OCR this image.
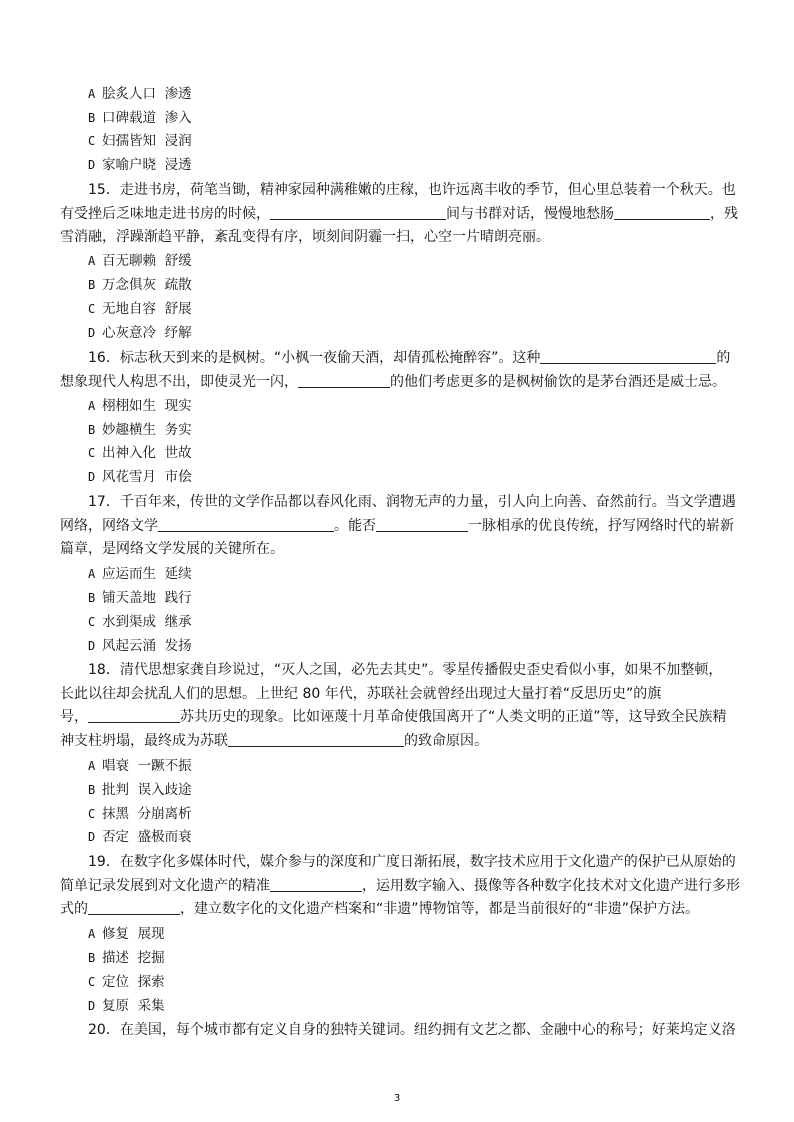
A 脍炙人口  渗透
B 口碑载道  渗入
C 妇孺皆知  浸润
D 家喻户晓  浸透
15．走进书房，荷笔当锄，精神家园种满稚嫩的庄稼，也许远离丰收的季节，但心里总装着一个秋天。也
有受挫后乏味地走进书房的时候，	间与书群对话，慢慢地愁肠	，残
雪消融，浮躁渐趋平静，紊乱变得有序，顷刻间阴霾一扫，心空一片晴朗亮丽。
A 百无聊赖  舒缓
B 万念俱灰  疏散
C 无地自容  舒展
D 心灰意冷  纾解
16．标志秋天到来的是枫树。“小枫一夜偷天酒，却倩孤松掩醉容”。这种	的
想象现代人构思不出，即使灵光一闪，	的他们考虑更多的是枫树偷饮的是茅台酒还是威士忌。
A 栩栩如生  现实
B 妙趣横生  务实
C 出神入化  世故
D 风花雪月  市侩
17．千百年来，传世的文学作品都以春风化雨、润物无声的力量，引人向上向善、奋然前行。当文学遭遇
网络，网络文学	。能否	一脉相承的优良传统，抒写网络时代的崭新
篇章，是网络文学发展的关键所在。
A 应运而生  延续
B 铺天盖地  践行
C 水到渠成  继承
D 风起云涌  发扬
18．清代思想家龚自珍说过，“灭人之国，必先去其史”。零星传播假史歪史看似小事，如果不加整顿，
长此以往却会扰乱人们的思想。上世纪 80 年代，苏联社会就曾经出现过大量打着“反思历史”的旗
号，	苏共历史的现象。比如诬蔑十月革命使俄国离开了“人类文明的正道”等，这导致全民族精
神支柱坍塌，最终成为苏联	的致命原因。
A 唱衰  一蹶不振
B 批判  误入歧途
C 抹黑  分崩离析
D 否定  盛极而衰
19．在数字化多媒体时代，媒介参与的深度和广度日渐拓展，数字技术应用于文化遗产的保护已从原始的
简单记录发展到对文化遗产的精准	，运用数字输入、摄像等各种数字化技术对文化遗产进行多形
式的	，建立数字化的文化遗产档案和“非遗”博物馆等，都是当前很好的“非遗”保护方法。
A 修复  展现
B 描述  挖掘
C 定位  探索
D 复原  采集
20．在美国，每个城市都有定义自身的独特关键词。纽约拥有文艺之都、金融中心的称号；好莱坞定义洛
3
